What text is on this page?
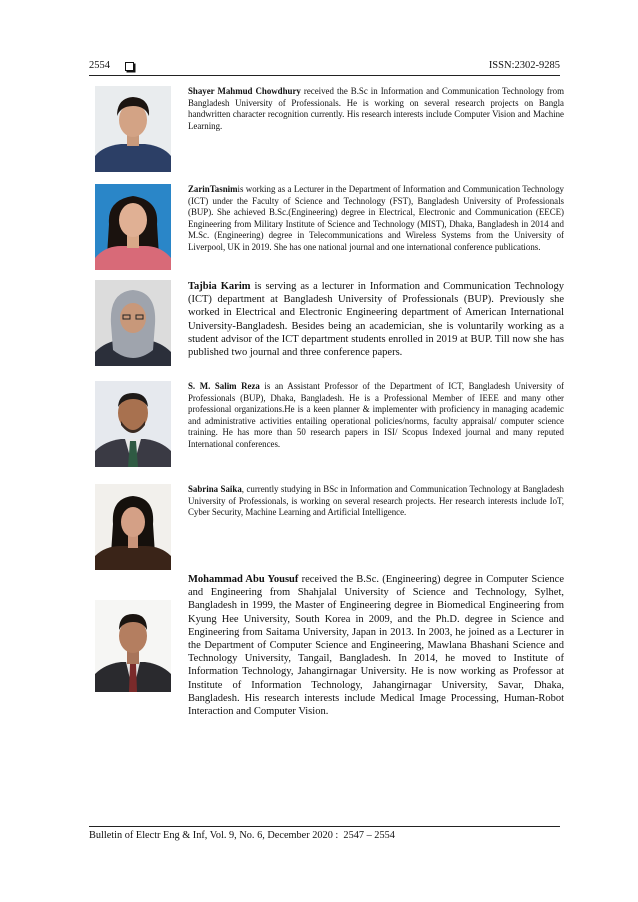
2554	ISSN:2302-9285
Shayer Mahmud Chowdhury received the B.Sc in Information and Communication Technology from Bangladesh University of Professionals. He is working on several research projects on Bangla handwritten character recognition currently. His research interests include Computer Vision and Machine Learning.
ZarinTasnimis working as a Lecturer in the Department of Information and Communication Technology (ICT) under the Faculty of Science and Technology (FST), Bangladesh University of Professionals (BUP). She achieved B.Sc.(Engineering) degree in Electrical, Electronic and Communication (EECE) Engineering from Military Institute of Science and Technology (MIST), Dhaka, Bangladesh in 2014 and M.Sc. (Engineering) degree in Telecommunications and Wireless Systems from the University of Liverpool, UK in 2019. She has one national journal and one international conference publications.
Tajbia Karim is serving as a lecturer in Information and Communication Technology (ICT) department at Bangladesh University of Professionals (BUP). Previously she worked in Electrical and Electronic Engineering department of American International University-Bangladesh. Besides being an academician, she is voluntarily working as a student advisor of the ICT department students enrolled in 2019 at BUP. Till now she has published two journal and three conference papers.
S. M. Salim Reza is an Assistant Professor of the Department of ICT, Bangladesh University of Professionals (BUP), Dhaka, Bangladesh. He is a Professional Member of IEEE and many other professional organizations.He is a keen planner & implementer with proficiency in managing academic and administrative activities entailing operational policies/norms, faculty appraisal/ computer science training. He has more than 50 research papers in ISI/ Scopus Indexed journal and many reputed International conferences.
Sabrina Saika, currently studying in BSc in Information and Communication Technology at Bangladesh University of Professionals, is working on several research projects. Her research interests include IoT, Cyber Security, Machine Learning and Artificial Intelligence.
Mohammad Abu Yousuf received the B.Sc. (Engineering) degree in Computer Science and Engineering from Shahjalal University of Science and Technology, Sylhet, Bangladesh in 1999, the Master of Engineering degree in Biomedical Engineering from Kyung Hee University, South Korea in 2009, and the Ph.D. degree in Science and Engineering from Saitama University, Japan in 2013. In 2003, he joined as a Lecturer in the Department of Computer Science and Engineering, Mawlana Bhashani Science and Technology University, Tangail, Bangladesh. In 2014, he moved to Institute of Information Technology, Jahangirnagar University. He is now working as Professor at Institute of Information Technology, Jahangirnagar University, Savar, Dhaka, Bangladesh. His research interests include Medical Image Processing, Human-Robot Interaction and Computer Vision.
Bulletin of Electr Eng & Inf, Vol. 9, No. 6, December 2020 :  2547 – 2554
